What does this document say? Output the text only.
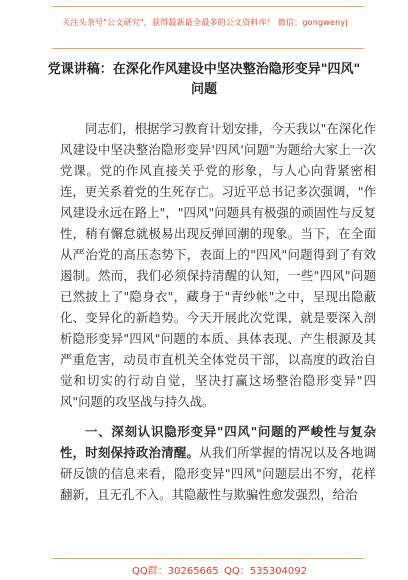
关注头条号"公文研究"，获得最新最全最多的公文资料库！ 微信：gongwenyj
党课讲稿：在深化作风建设中坚决整治隐形变异"四风"
问题

同志们，根据学习教育计划安排，今天我以"在深化作风建设中坚决整治隐形变异'四风'问题"为题给大家上一次党课。党的作风直接关乎党的形象，与人心向背紧密相连，更关系着党的生死存亡。习近平总书记多次强调，"作风建设永远在路上"，"四风"问题具有极强的顽固性与反复性，稍有懈怠就极易出现反弹回潮的现象。当下，在全面从严治党的高压态势下，表面上的"四风"问题得到了有效遏制。然而，我们必须保持清醒的认知，一些"四风"问题已然披上了"隐身衣"，藏身于"青纱帐"之中，呈现出隐蔽化、变异化的新趋势。今天开展此次党课，就是要深入剖析隐形变异"四风"问题的本质、具体表现、产生根源及其严重危害，动员市直机关全体党员干部，以高度的政治自觉和切实的行动自觉，坚决打赢这场整治隐形变异"四风"问题的攻坚战与持久战。

一、深刻认识隐形变异"四风"问题的严峻性与复杂性，时刻保持政治清醒。从我们所掌握的情况以及各地调研反馈的信息来看，隐形变异"四风"问题层出不穷，花样翻新，且无孔不入。其隐蔽性与欺骗性愈发强烈，给治

QQ群：30265665 QQ：535304092
